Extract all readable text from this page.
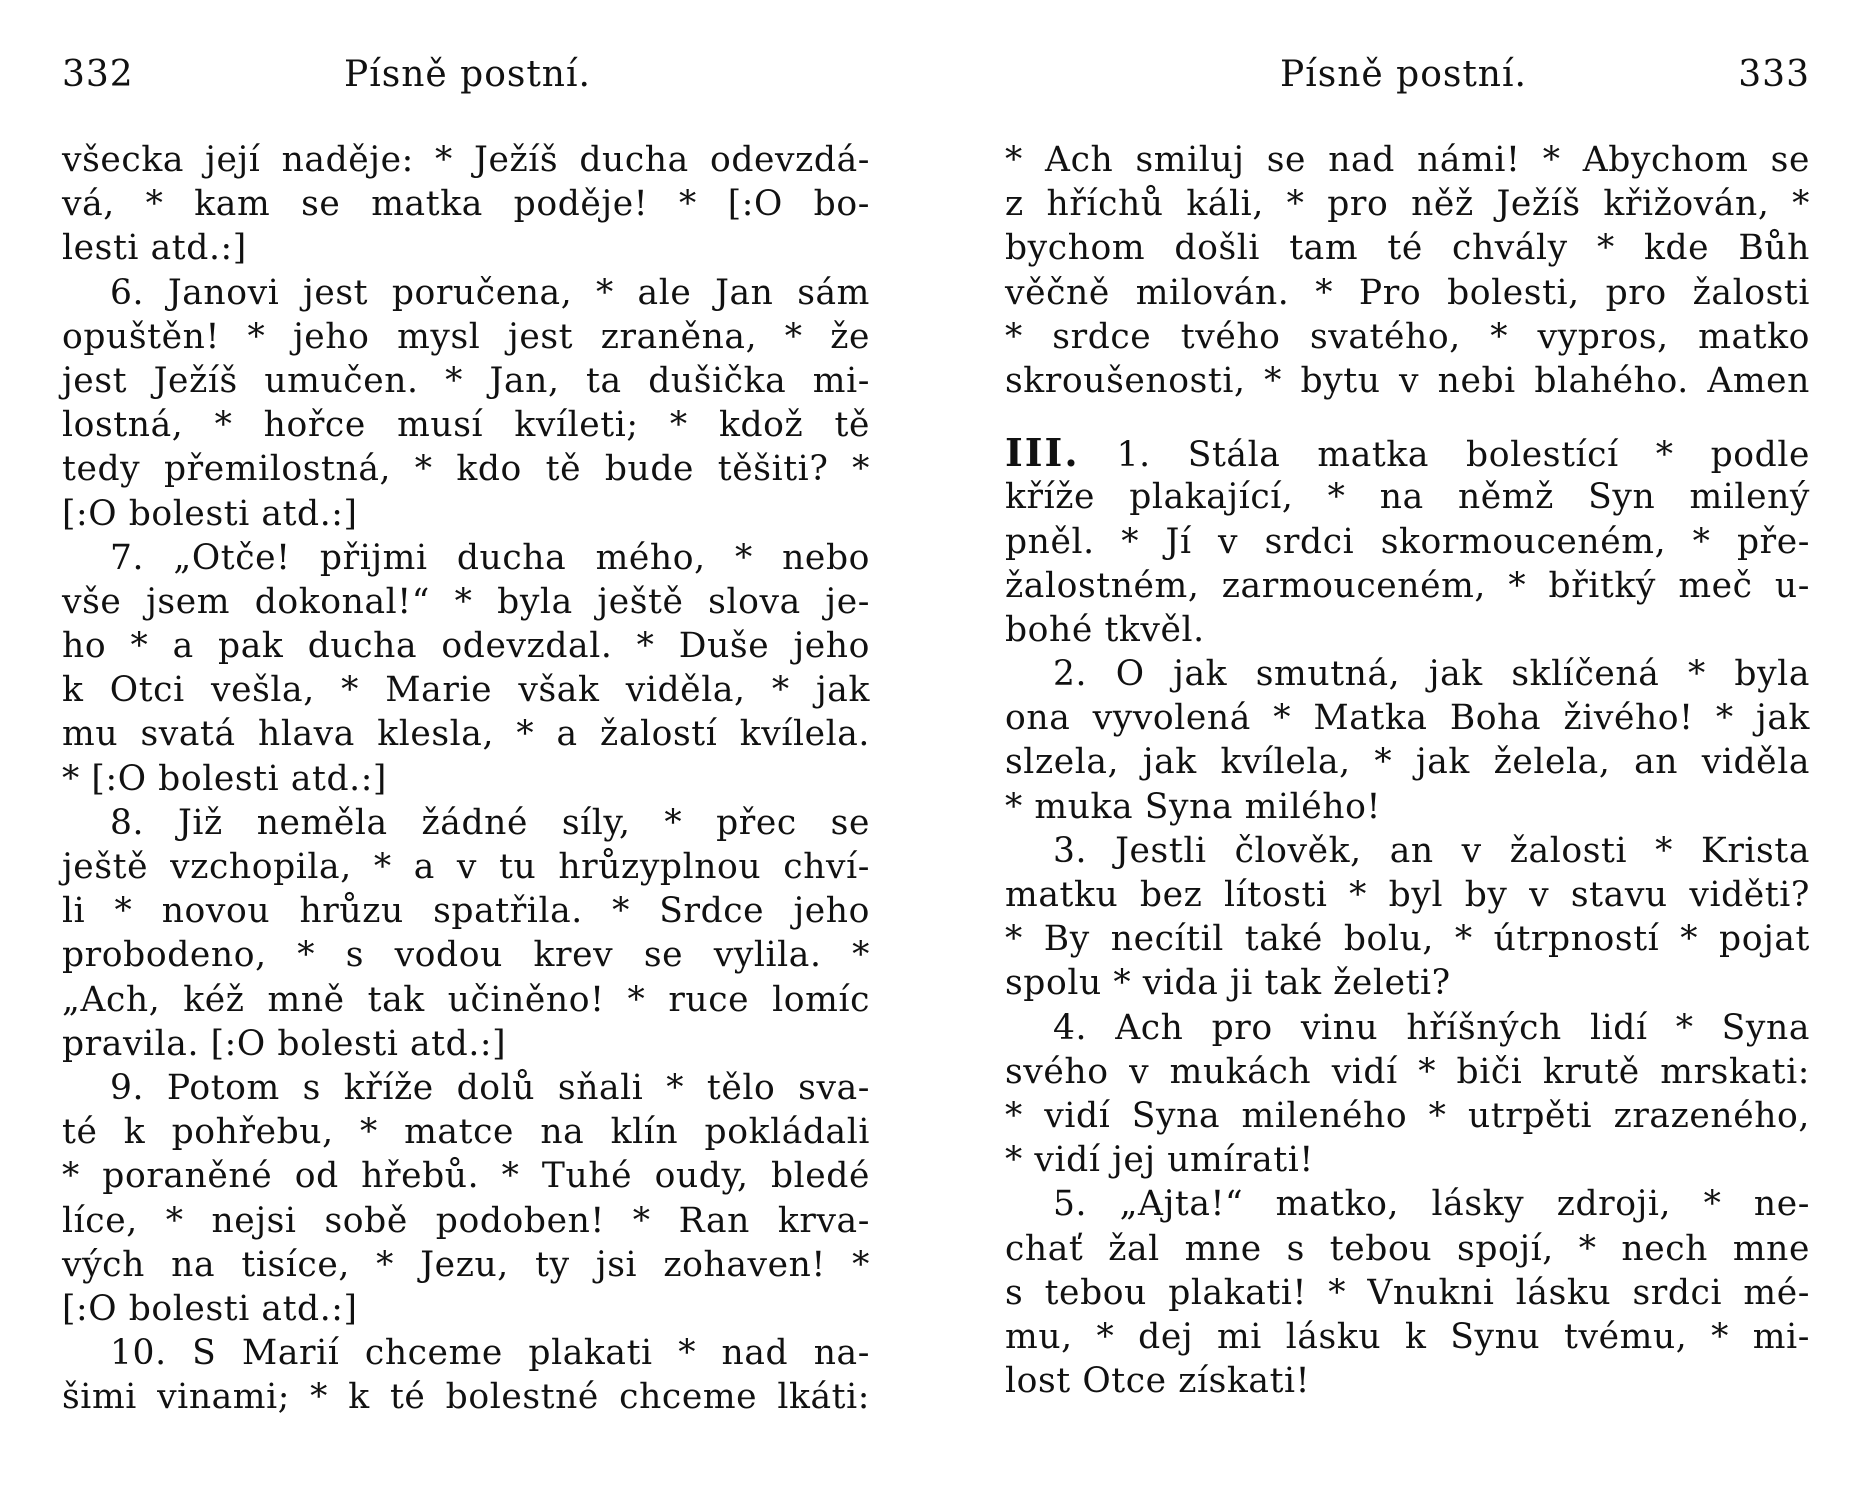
332	Písně postní.
všecka její naděje: * Ježíš ducha odevzdá-
vá, * kam se matka poděje! * [:O bo-
lesti atd.:]
6. Janovi jest poručena, * ale Jan sám
opuštěn! * jeho mysl jest zraněna, * že
jest Ježíš umučen. * Jan, ta dušička mi-
lostná, * hořce musí kvíleti; * kdož tě
tedy přemilostná, * kdo tě bude těšiti? *
[:O bolesti atd.:]
7. „Otče! přijmi ducha mého, * nebo
vše jsem dokonal!“ * byla ještě slova je-
ho * a pak ducha odevzdal. * Duše jeho
k Otci vešla, * Marie však viděla, * jak
mu svatá hlava klesla, * a žalostí kvílela.
* [:O bolesti atd.:]
8. Již neměla žádné síly, * přec se
ještě vzchopila, * a v tu hrůzyplnou chví-
li * novou hrůzu spatřila. * Srdce jeho
probodeno, * s vodou krev se vylila. *
„Ach, kéž mně tak učiněno! * ruce lomíc
pravila. [:O bolesti atd.:]
9. Potom s kříže dolů sňali * tělo sva-
té k pohřebu, * matce na klín pokládali
* poraněné od hřebů. * Tuhé oudy, bledé
líce, * nejsi sobě podoben! * Ran krva-
vých na tisíce, * Jezu, ty jsi zohaven! *
[:O bolesti atd.:]
10. S Marií chceme plakati * nad na-
šimi vinami; * k té bolestné chceme lkáti:
Písně postní.	333
* Ach smiluj se nad námi! * Abychom se
z hříchů káli, * pro něž Ježíš křižován, *
bychom došli tam té chvály * kde Bůh
věčně milován. * Pro bolesti, pro žalosti
* srdce tvého svatého, * vypros, matko
skroušenosti, * bytu v nebi blahého. Amen
III. 1. Stála matka bolestící * podle
kříže plakající, * na němž Syn milený
pněl. * Jí v srdci skormouceném, * pře-
žalostném, zarmouceném, * břitký meč u-
bohé tkvěl.
2. O jak smutná, jak sklíčená * byla
ona vyvolená * Matka Boha živého! * jak
slzela, jak kvílela, * jak želela, an viděla
* muka Syna milého!
3. Jestli člověk, an v žalosti * Krista
matku bez lítosti * byl by v stavu viděti?
* By necítil také bolu, * útrpností * pojat
spolu * vida ji tak želeti?
4. Ach pro vinu hříšných lidí * Syna
svého v mukách vidí * biči krutě mrskati:
* vidí Syna mileného * utrpěti zrazeného,
* vidí jej umírati!
5. „Ajta!“ matko, lásky zdroji, * ne-
chať žal mne s tebou spojí, * nech mne
s tebou plakati! * Vnukni lásku srdci mé-
mu, * dej mi lásku k Synu tvému, * mi-
lost Otce získati!
